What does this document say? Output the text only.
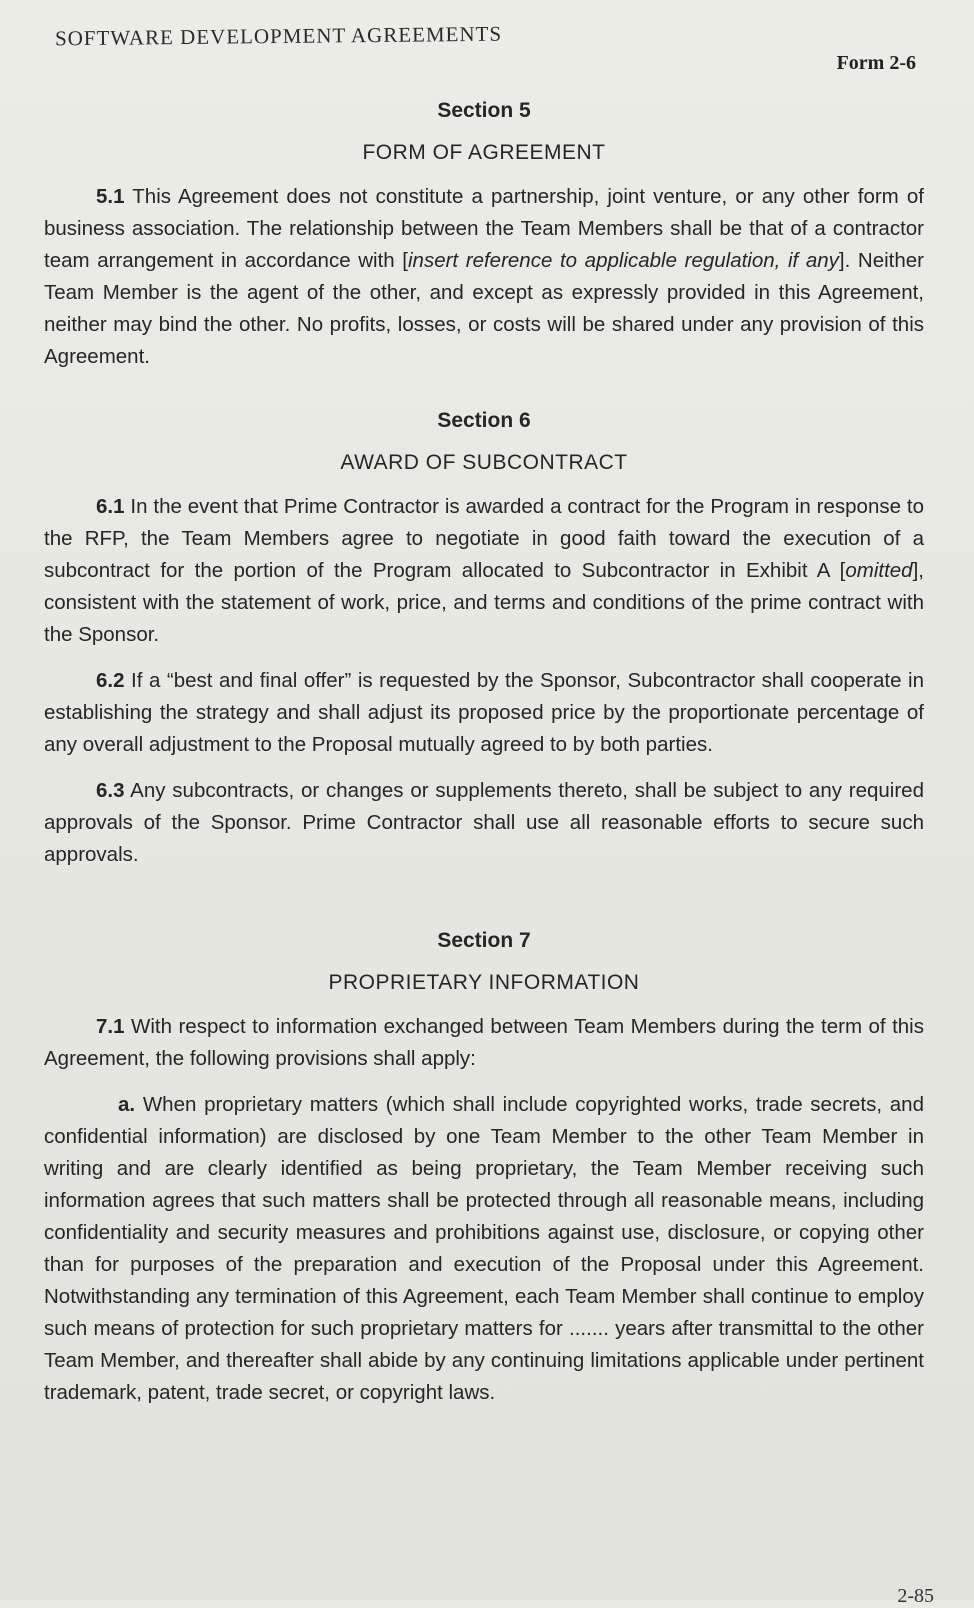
SOFTWARE DEVELOPMENT AGREEMENTS
Form 2-6
Section 5
FORM OF AGREEMENT

5.1 This Agreement does not constitute a partnership, joint venture, or any other form of business association. The relationship between the Team Members shall be that of a contractor team arrangement in accordance with [insert reference to applicable regulation, if any]. Neither Team Member is the agent of the other, and except as expressly provided in this Agreement, neither may bind the other. No profits, losses, or costs will be shared under any provision of this Agreement.

Section 6
AWARD OF SUBCONTRACT

6.1 In the event that Prime Contractor is awarded a contract for the Program in response to the RFP, the Team Members agree to negotiate in good faith toward the execution of a subcontract for the portion of the Program allocated to Subcontractor in Exhibit A [omitted], consistent with the statement of work, price, and terms and conditions of the prime contract with the Sponsor.

6.2 If a “best and final offer” is requested by the Sponsor, Subcontractor shall cooperate in establishing the strategy and shall adjust its proposed price by the proportionate percentage of any overall adjustment to the Proposal mutually agreed to by both parties.

6.3 Any subcontracts, or changes or supplements thereto, shall be subject to any required approvals of the Sponsor. Prime Contractor shall use all reasonable efforts to secure such approvals.

Section 7
PROPRIETARY INFORMATION

7.1 With respect to information exchanged between Team Members during the term of this Agreement, the following provisions shall apply:

a. When proprietary matters (which shall include copyrighted works, trade secrets, and confidential information) are disclosed by one Team Member to the other Team Member in writing and are clearly identified as being proprietary, the Team Member receiving such information agrees that such matters shall be protected through all reasonable means, including confidentiality and security measures and prohibitions against use, disclosure, or copying other than for purposes of the preparation and execution of the Proposal under this Agreement. Notwithstanding any termination of this Agreement, each Team Member shall continue to employ such means of protection for such proprietary matters for ....... years after transmittal to the other Team Member, and thereafter shall abide by any continuing limitations applicable under pertinent trademark, patent, trade secret, or copyright laws.

2-85
